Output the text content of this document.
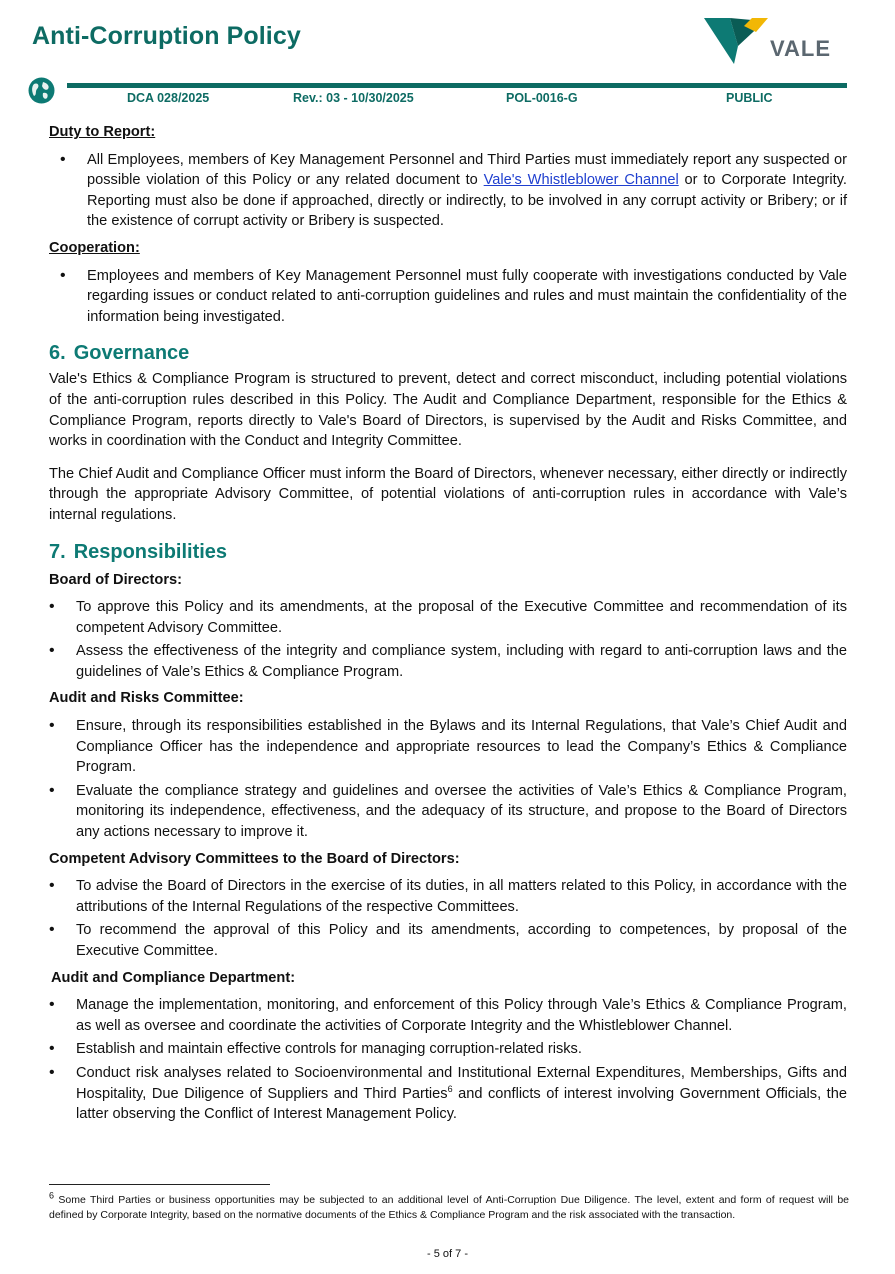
Anti-Corruption Policy	VALE
DCA 028/2025	Rev.: 03 - 10/30/2025	POL-0016-G	PUBLIC
Duty to Report:
• All Employees, members of Key Management Personnel and Third Parties must immediately report any suspected or possible violation of this Policy or any related document to Vale's Whistleblower Channel or to Corporate Integrity. Reporting must also be done if approached, directly or indirectly, to be involved in any corrupt activity or Bribery; or if the existence of corrupt activity or Bribery is suspected.
Cooperation:
• Employees and members of Key Management Personnel must fully cooperate with investigations conducted by Vale regarding issues or conduct related to anti-corruption guidelines and rules and must maintain the confidentiality of the information being investigated.
6. Governance

Vale's Ethics & Compliance Program is structured to prevent, detect and correct misconduct, including potential violations of the anti-corruption rules described in this Policy. The Audit and Compliance Department, responsible for the Ethics & Compliance Program, reports directly to Vale's Board of Directors, is supervised by the Audit and Risks Committee, and works in coordination with the Conduct and Integrity Committee.

The Chief Audit and Compliance Officer must inform the Board of Directors, whenever necessary, either directly or indirectly through the appropriate Advisory Committee, of potential violations of anti-corruption rules in accordance with Vale’s internal regulations.

7. Responsibilities
Board of Directors:
• To approve this Policy and its amendments, at the proposal of the Executive Committee and recommendation of its competent Advisory Committee.
• Assess the effectiveness of the integrity and compliance system, including with regard to anti-corruption laws and the guidelines of Vale’s Ethics & Compliance Program.
Audit and Risks Committee:
• Ensure, through its responsibilities established in the Bylaws and its Internal Regulations, that Vale’s Chief Audit and Compliance Officer has the independence and appropriate resources to lead the Company’s Ethics & Compliance Program.
• Evaluate the compliance strategy and guidelines and oversee the activities of Vale’s Ethics & Compliance Program, monitoring its independence, effectiveness, and the adequacy of its structure, and propose to the Board of Directors any actions necessary to improve it.
Competent Advisory Committees to the Board of Directors:
• To advise the Board of Directors in the exercise of its duties, in all matters related to this Policy, in accordance with the attributions of the Internal Regulations of the respective Committees.
• To recommend the approval of this Policy and its amendments, according to competences, by proposal of the Executive Committee.
Audit and Compliance Department:
• Manage the implementation, monitoring, and enforcement of this Policy through Vale’s Ethics & Compliance Program, as well as oversee and coordinate the activities of Corporate Integrity and the Whistleblower Channel.
• Establish and maintain effective controls for managing corruption-related risks.
• Conduct risk analyses related to Socioenvironmental and Institutional External Expenditures, Memberships, Gifts and Hospitality, Due Diligence of Suppliers and Third Parties$^6$ and conflicts of interest involving Government Officials, the latter observing the Conflict of Interest Management Policy.
$^6$ Some Third Parties or business opportunities may be subjected to an additional level of Anti-Corruption Due Diligence. The level, extent and form of request will be defined by Corporate Integrity, based on the normative documents of the Ethics & Compliance Program and the risk associated with the transaction.
- 5 of 7 -
